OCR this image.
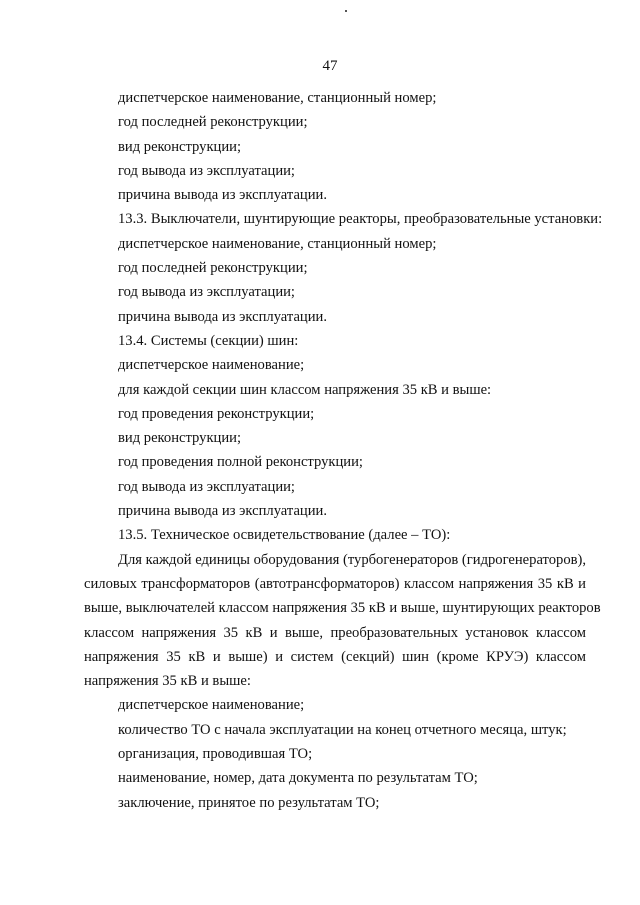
47
диспетчерское наименование, станционный номер;
год последней реконструкции;
вид реконструкции;
год вывода из эксплуатации;
причина вывода из эксплуатации.
13.3. Выключатели, шунтирующие реакторы, преобразовательные установки:
диспетчерское наименование, станционный номер;
год последней реконструкции;
год вывода из эксплуатации;
причина вывода из эксплуатации.
13.4. Системы (секции) шин:
диспетчерское наименование;
для каждой секции шин классом напряжения 35 кВ и выше:
год проведения реконструкции;
вид реконструкции;
год проведения полной реконструкции;
год вывода из эксплуатации;
причина вывода из эксплуатации.
13.5. Техническое освидетельствование (далее – ТО):
Для каждой единицы оборудования (турбогенераторов (гидрогенераторов),
силовых трансформаторов (автотрансформаторов) классом напряжения 35 кВ и
выше, выключателей классом напряжения 35 кВ и выше, шунтирующих реакторов
классом напряжения 35 кВ и выше, преобразовательных установок классом
напряжения 35 кВ и выше) и систем (секций) шин (кроме КРУЭ) классом
напряжения 35 кВ и выше:
диспетчерское наименование;
количество ТО с начала эксплуатации на конец отчетного месяца, штук;
организация, проводившая ТО;
наименование, номер, дата документа по результатам ТО;
заключение, принятое по результатам ТО;
